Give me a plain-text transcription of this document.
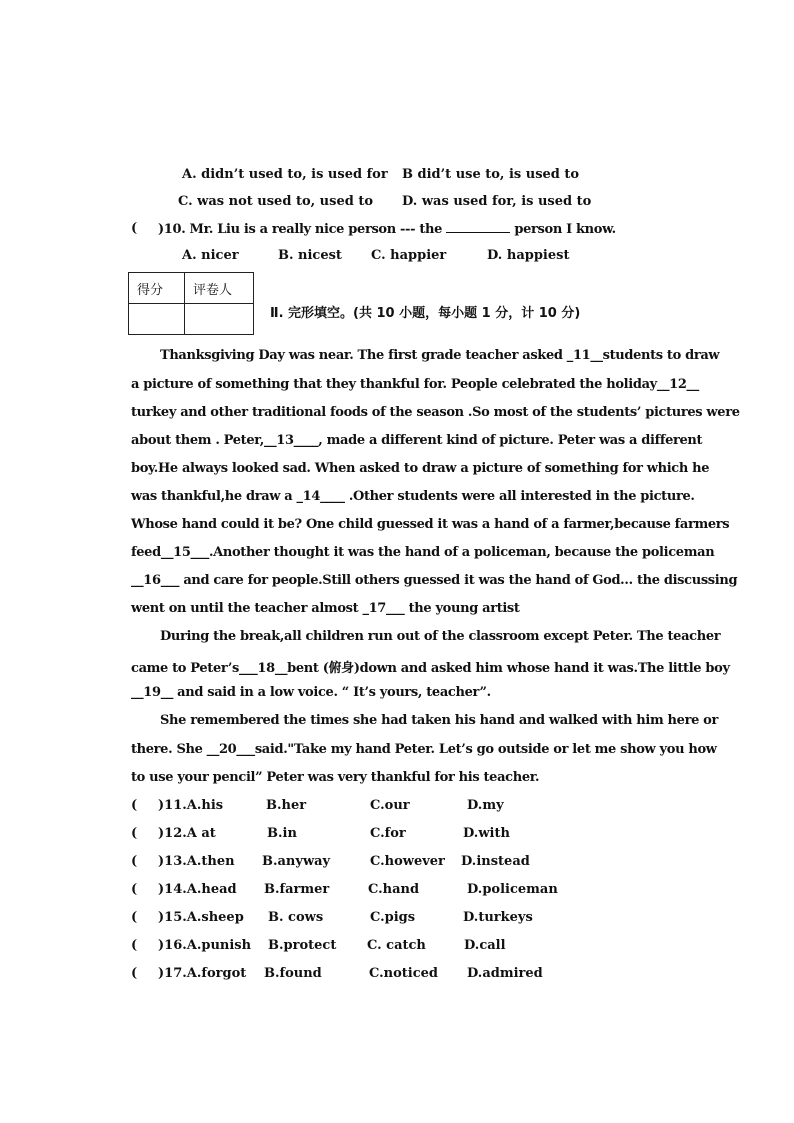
A. didn’t used to, is used for B did’t use to, is used to
C. was not used to, used to D. was used for, is used to
( )10. Mr. Liu is a really nice person --- the	person I know.
A. nicer	B. nicest C. happier	D. happiest
得分	评卷人

Ⅱ. 完形填空。(共 10 小题，每小题 1 分，计 10 分)
Thanksgiving Day was near. The first grade teacher asked _11__students to draw
a picture of something that they thankful for. People celebrated the holiday__12__
turkey and other traditional foods of the season .So most of the students’ pictures were
about them . Peter,__13____, made a different kind of picture. Peter was a different
boy.He always looked sad. When asked to draw a picture of something for which he
was thankful,he draw a _14____ .Other students were all interested in the picture.
Whose hand could it be? One child guessed it was a hand of a farmer,because farmers
feed__15___.Another thought it was the hand of a policeman, because the policeman
__16___ and care for people.Still others guessed it was the hand of God… the discussing
went on until the teacher almost _17___ the young artist
During the break,all children run out of the classroom except Peter. The teacher
came to Peter’s___18__bent (俯身)down and asked him whose hand it was.The little boy
__19__ and said in a low voice. “ It’s yours, teacher”.
She remembered the times she had taken his hand and walked with him here or
there. She __20___said."Take my hand Peter. Let’s go outside or let me show you how
to use your pencil” Peter was very thankful for his teacher.
( )11.A.his	B.her	C.our	D.my
( )12.A at	B.in	C.for	D.with
( )13.A.then B.anyway	C.however D.instead
( )14.A.head B.farmer	C.hand	D.policeman
( )15.A.sheep B. cows	C.pigs	D.turkeys
( )16.A.punish B.protect C. catch	D.call
( )17.A.forgot B.found	C.noticed D.admired
